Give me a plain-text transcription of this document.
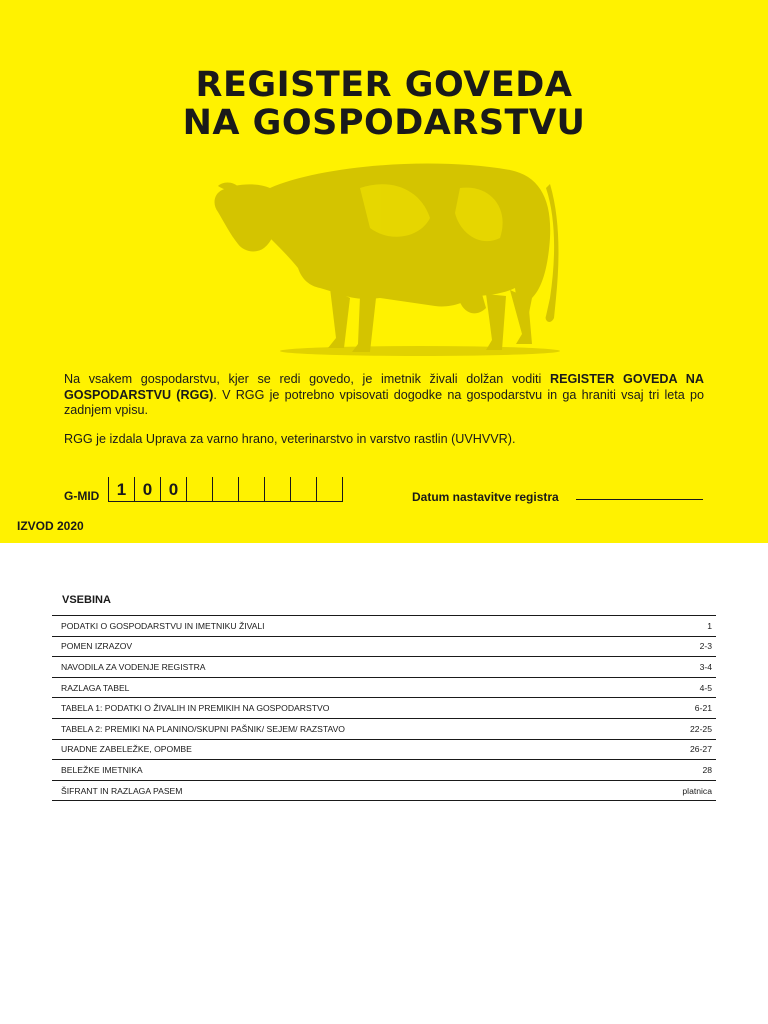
REGISTER GOVEDA
NA GOSPODARSTVU
Na vsakem gospodarstvu, kjer se redi govedo, je imetnik živali dolžan voditi REGISTER GOVEDA NA GOSPODARSTVU (RGG). V RGG je potrebno vpisovati dogodke na gospodarstvu in ga hraniti vsaj tri leta po zadnjem vpisu.
RGG je izdala Uprava za varno hrano, veterinarstvo in varstvo rastlin (UVHVVR).
G-MID	1 0 0	Datum nastavitve registra
IZVOD 2020
VSEBINA
PODATKI O GOSPODARSTVU IN IMETNIKU ŽIVALI	1
POMEN IZRAZOV	2-3
NAVODILA ZA VODENJE REGISTRA	3-4
RAZLAGA TABEL	4-5
TABELA 1: PODATKI O ŽIVALIH IN PREMIKIH NA GOSPODARSTVO	6-21
TABELA 2: PREMIKI NA PLANINO/SKUPNI PAŠNIK/ SEJEM/ RAZSTAVO	22-25
URADNE ZABELEŽKE, OPOMBE	26-27
BELEŽKE IMETNIKA	28
ŠIFRANT IN RAZLAGA PASEM	platnica
